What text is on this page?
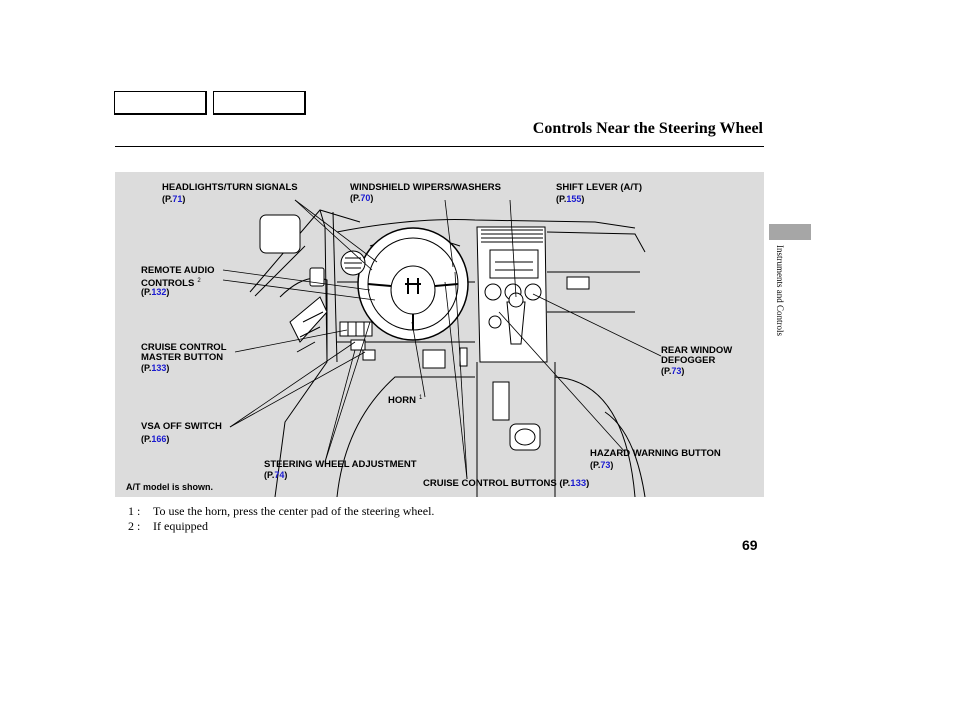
Controls Near the Steering Wheel
Instruments and Controls
HEADLIGHTS/TURN SIGNALS
(P.71)
WINDSHIELD WIPERS/WASHERS
(P.70)
SHIFT LEVER (A/T)
(P.155)
REMOTE AUDIO
CONTROLS $^2$
(P.132)
CRUISE CONTROL
MASTER BUTTON
(P.133)
REAR WINDOW
DEFOGGER
(P.73)
HORN $^1$
VSA OFF SWITCH
(P.166)
HAZARD WARNING BUTTON
(P.73)
STEERING WHEEL ADJUSTMENT
(P.74)
A/T model is shown.	CRUISE CONTROL BUTTONS (P.133)
1 : To use the horn, press the center pad of the steering wheel.
2 : If equipped
69
